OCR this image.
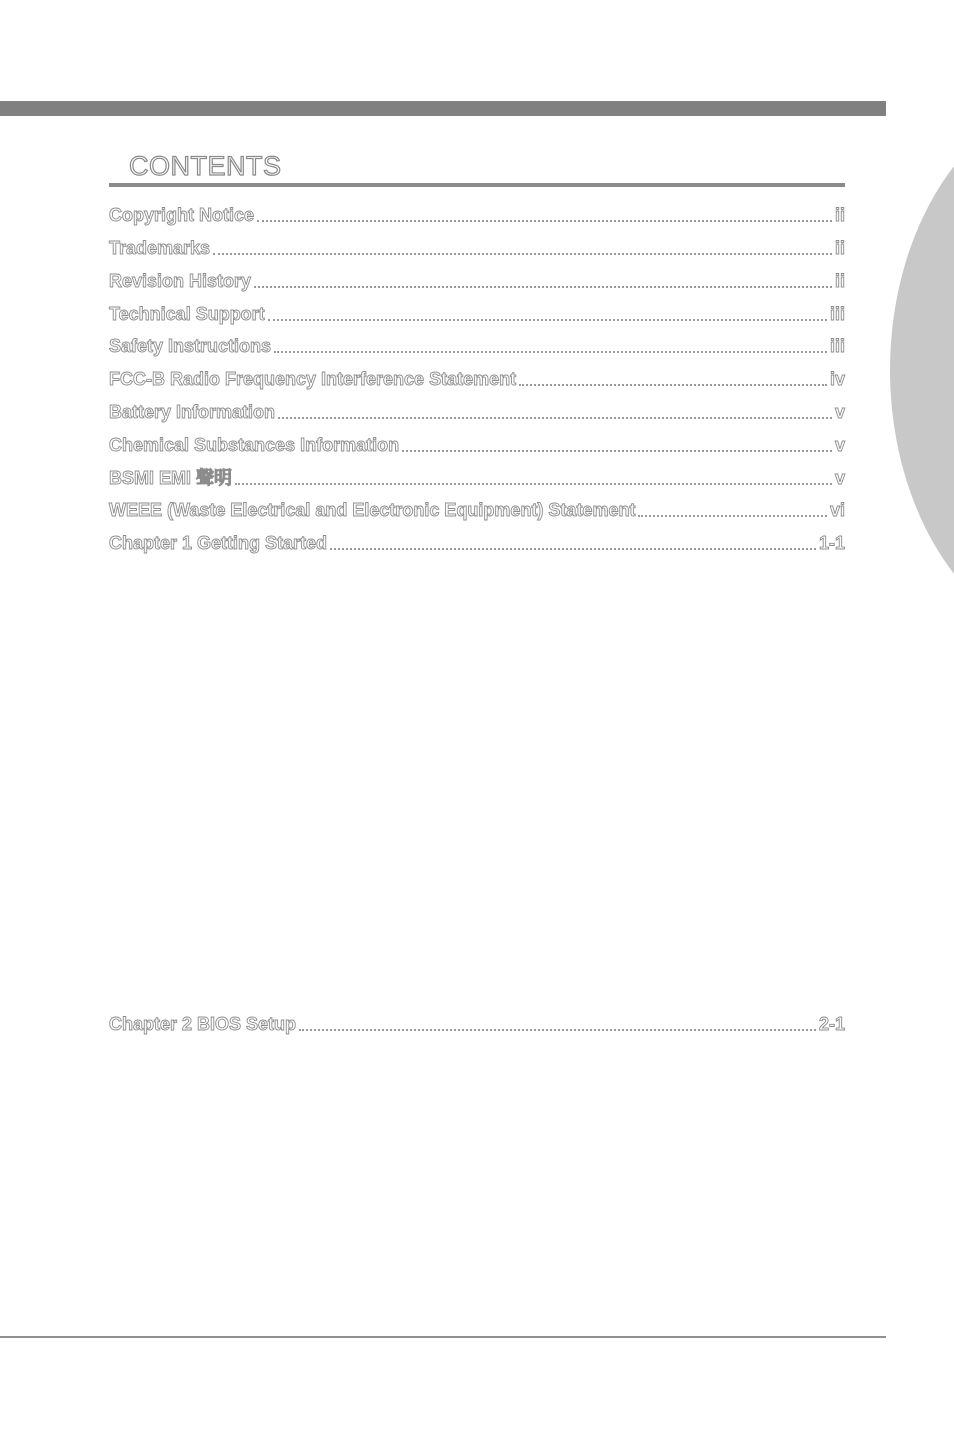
CONTENTS
Copyright Notice	ii
Trademarks	ii
Revision History	ii
Technical Support	iii
Safety Instructions	iii
FCC-B Radio Frequency Interference Statement	iv
Battery Information	v
Chemical Substances Information	v
BSMI EMI 聲明	v
WEEE (Waste Electrical and Electronic Equipment) Statement	vi
Chapter 1 Getting Started	1-1
Chapter 2 BIOS Setup	2-1
